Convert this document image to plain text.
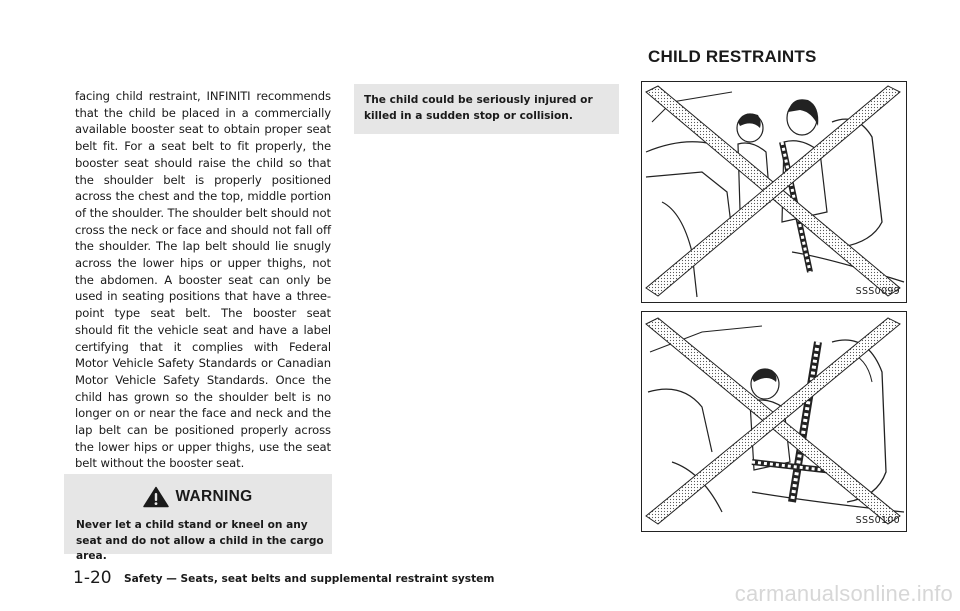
CHILD RESTRAINTS

facing child restraint, INFINITI recommends that the child be placed in a commercially available booster seat to obtain proper seat belt fit. For a seat belt to fit properly, the booster seat should raise the child so that the shoulder belt is properly positioned across the chest and the top, middle portion of the shoulder. The shoulder belt should not cross the neck or face and should not fall off the shoulder. The lap belt should lie snugly across the lower hips or upper thighs, not the abdomen. A booster seat can only be used in seating positions that have a three-point type seat belt. The booster seat should fit the vehicle seat and have a label certifying that it complies with Federal Motor Vehicle Safety Standards or Canadian Motor Vehicle Safety Standards. Once the child has grown so the shoulder belt is no longer on or near the face and neck and the lap belt can be positioned properly across the lower hips or upper thighs, use the seat belt without the booster seat.

WARNING

Never let a child stand or kneel on any seat and do not allow a child in the cargo area.

The child could be seriously injured or killed in a sudden stop or collision.

SSS0099
SSS0100
1-20 Safety — Seats, seat belts and supplemental restraint system
carmanualsonline.info
